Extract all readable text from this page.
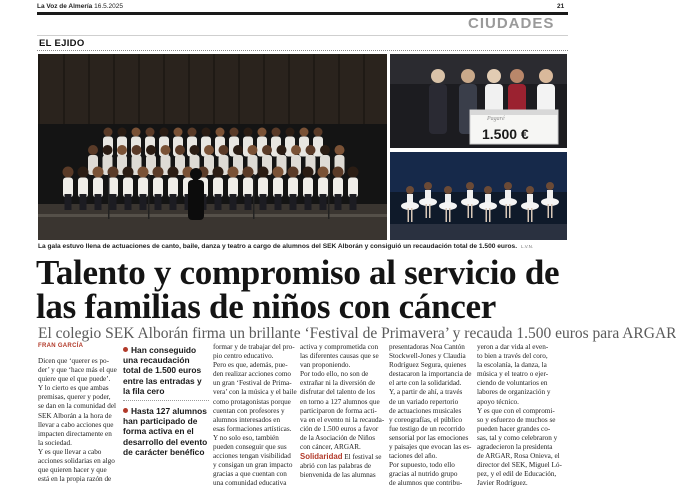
La Voz de Almería 16.5.2025	21
CIUDADES
EL EJIDO
Pagaré
1.500 €
La gala estuvo llena de actuaciones de canto, baile, danza y teatro a cargo de alumnos del SEK Alborán y consiguió un recaudación total de 1.500 euros. L.V.N.
Talento y compromiso al servicio de
las familias de niños con cáncer
El colegio SEK Alborán firma un brillante ‘Festival de Primavera’ y recauda 1.500 euros para ARGAR
FRAN GARCÍA
Dicen que ‘querer es po-
der’ y que ‘hace más el que
quiere que el que puede’.
Y lo cierto es que ambas
premisas, querer y poder,
se dan en la comunidad del
SEK Alborán a la hora de
llevar a cabo acciones que
impacten directamente en
la sociedad.
Y es que llevar a cabo
acciones solidarias en algo
que quieren hacer y que
está en la propia razón de
Han conseguido una recaudación total de 1.500 euros entre las entradas y la fila cero
Hasta 127 alumnos han participado de forma activa en el desarrollo del evento de carácter benéfico
formar y de trabajar del pro-
pio centro educativo.
Pero es que, además, pue-
den realizar acciones como
un gran ‘Festival de Prima-
vera’ con la música y el baile
como protagonistas porque
cuentan con profesores y
alumnos interesados en
esas formaciones artísticas.
Y no solo eso, también
pueden conseguir que sus
acciones tengan visibilidad
y consigan un gran impacto
gracias a que cuentan con
una comunidad educativa
activa y comprometida con
las diferentes causas que se
van proponiendo.
Por todo ello, no son de
extrañar ni la diversión de
disfrutar del talento de los
en torno a 127 alumnos que
participaron de forma acti-
va en el evento ni la recauda-
ción de 1.500 euros a favor
de la Asociación de Niños
con cáncer, ARGAR.
Solidaridad El festival se
abrió con las palabras de
bienvenida de las alumnas
presentadoras Noa Cantón
Stockwell-Jones y Claudia
Rodríguez Segura, quienes
destacaron la importancia de
el arte con la solidaridad.
Y, a partir de ahí, a través
de un variado repertorio
de actuaciones musicales
y coreografías, el público
fue testigo de un recorrido
sensorial por las emociones
y paisajes que evocan las es-
taciones del año.
Por supuesto, todo ello
gracias al nutrido grupo
de alumnos que contribu-
yeron a dar vida al even-
to bien a través del coro,
la escolanía, la danza, la
música y el teatro o ejer-
ciendo de voluntarios en
labores de organización y
apoyo técnico.
Y es que con el compromi-
so y esfuerzo de muchos se
pueden hacer grandes co-
sas, tal y como celebraron y
agradecieron la presidenta
de ARGAR, Rosa Onieva, el
director del SEK, Miguel Ló-
pez, y el edil de Educación,
Javier Rodríguez.
